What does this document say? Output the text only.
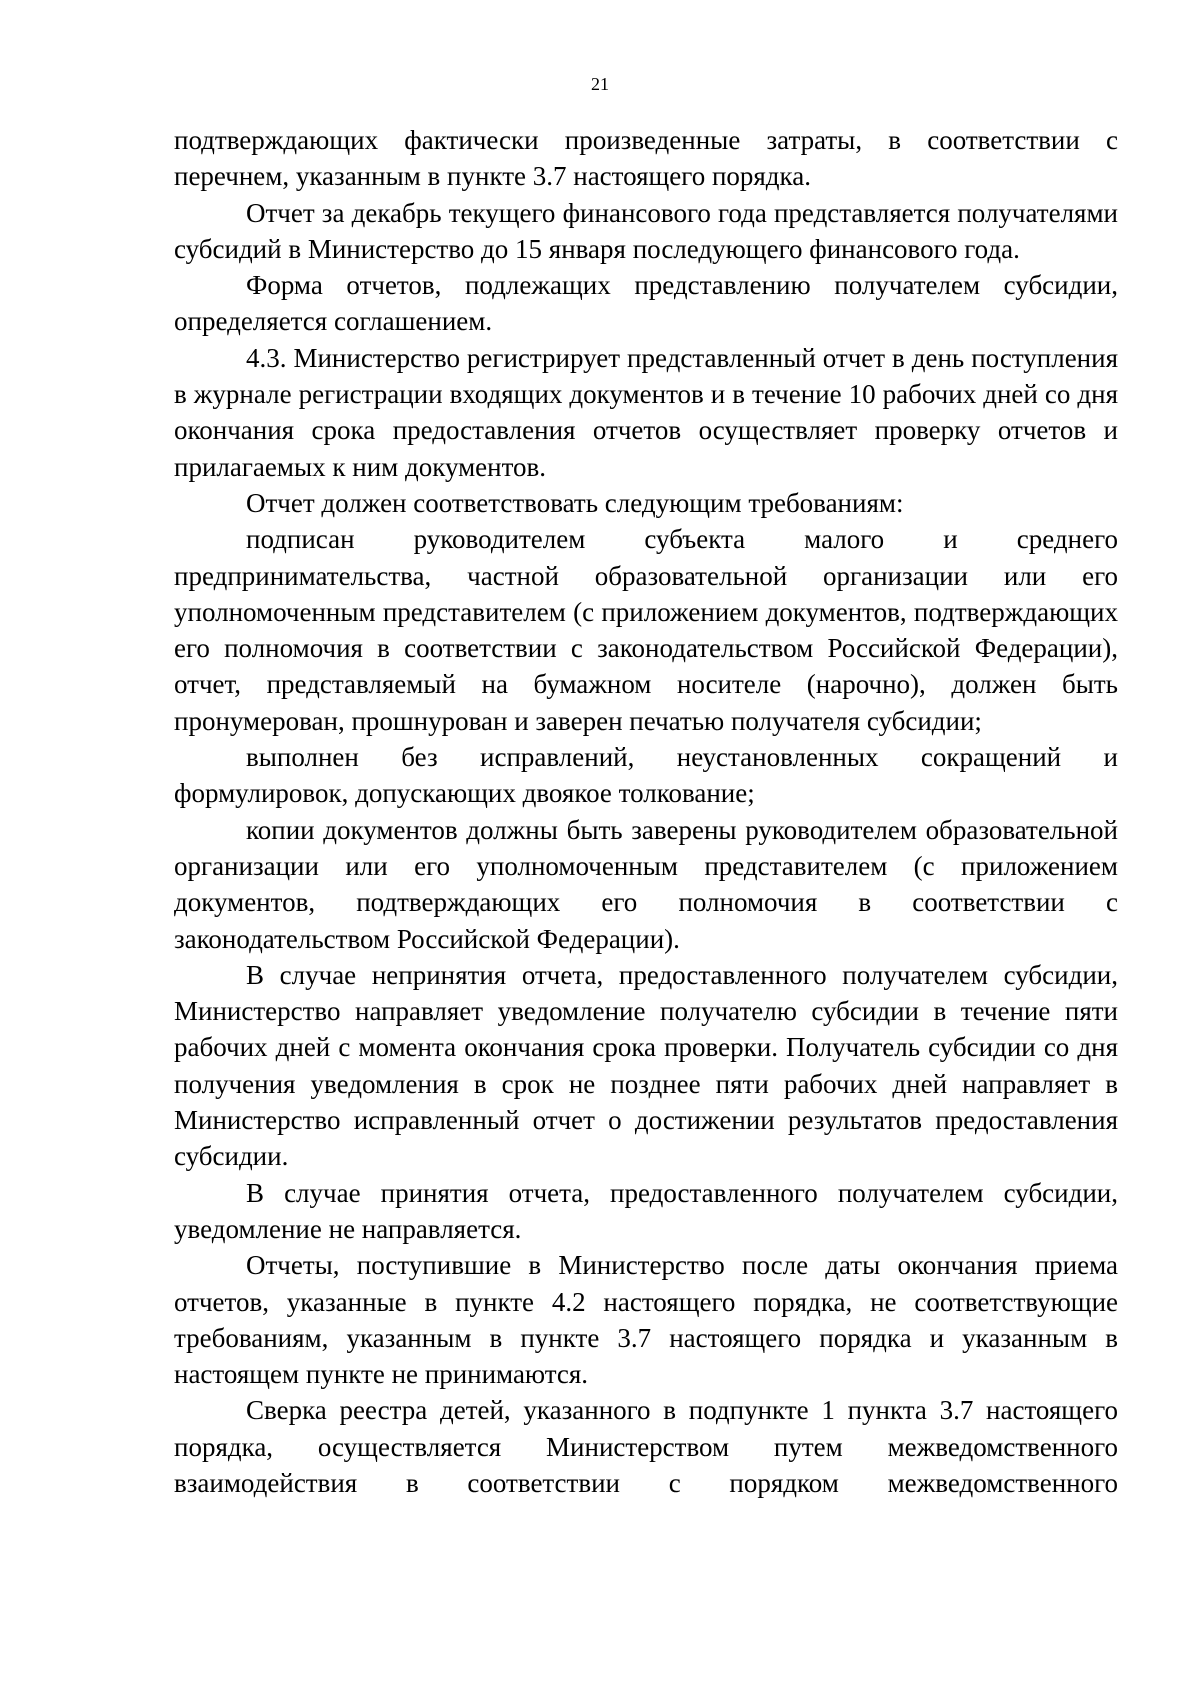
21

подтверждающих фактически произведенные затраты, в соответствии с перечнем, указанным в пункте 3.7 настоящего порядка.

Отчет за декабрь текущего финансового года представляется получателями субсидий в Министерство до 15 января последующего финансового года.

Форма отчетов, подлежащих представлению получателем субсидии, определяется соглашением.

4.3. Министерство регистрирует представленный отчет в день поступления в журнале регистрации входящих документов и в течение 10 рабочих дней со дня окончания срока предоставления отчетов осуществляет проверку отчетов и прилагаемых к ним документов.

Отчет должен соответствовать следующим требованиям:

подписан руководителем субъекта малого и среднего предпринимательства, частной образовательной организации или его уполномоченным представителем (с приложением документов, подтверждающих его полномочия в соответствии с законодательством Российской Федерации), отчет, представляемый на бумажном носителе (нарочно), должен быть пронумерован, прошнурован и заверен печатью получателя субсидии;

выполнен без исправлений, неустановленных сокращений и формулировок, допускающих двоякое толкование;

копии документов должны быть заверены руководителем образовательной организации или его уполномоченным представителем (с приложением документов, подтверждающих его полномочия в соответствии с законодательством Российской Федерации).

В случае непринятия отчета, предоставленного получателем субсидии, Министерство направляет уведомление получателю субсидии в течение пяти рабочих дней с момента окончания срока проверки. Получатель субсидии со дня получения уведомления в срок не позднее пяти рабочих дней направляет в Министерство исправленный отчет о достижении результатов предоставления субсидии.

В случае принятия отчета, предоставленного получателем субсидии, уведомление не направляется.

Отчеты, поступившие в Министерство после даты окончания приема отчетов, указанные в пункте 4.2 настоящего порядка, не соответствующие требованиям, указанным в пункте 3.7 настоящего порядка и указанным в настоящем пункте не принимаются.

Сверка реестра детей, указанного в подпункте 1 пункта 3.7 настоящего порядка, осуществляется Министерством путем межведомственного взаимодействия в соответствии с порядком межведомственного
